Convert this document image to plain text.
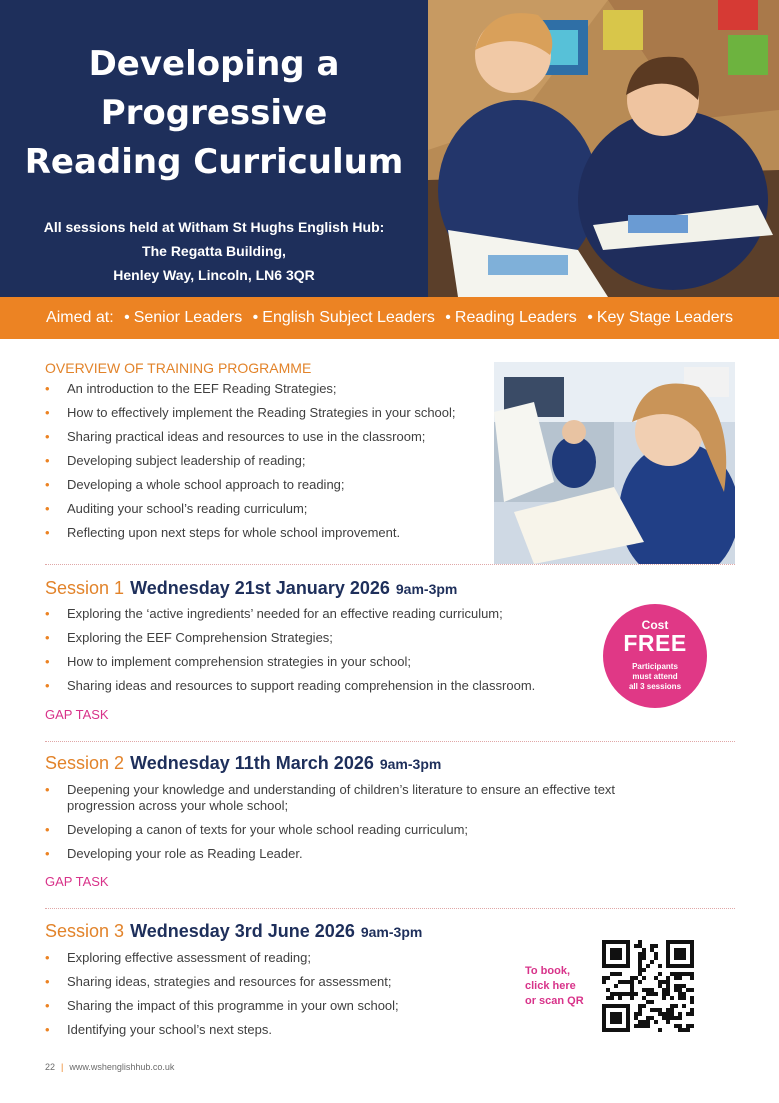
Developing a
Progressive
Reading Curriculum
All sessions held at Witham St Hughs English Hub:
The Regatta Building,
Henley Way, Lincoln, LN6 3QR
Aimed at: • Senior Leaders • English Subject Leaders • Reading Leaders • Key Stage Leaders
OVERVIEW OF TRAINING PROGRAMME
• An introduction to the EEF Reading Strategies;
• How to effectively implement the Reading Strategies in your school;
• Sharing practical ideas and resources to use in the classroom;
• Developing subject leadership of reading;
• Developing a whole school approach to reading;
• Auditing your school’s reading curriculum;
• Reflecting upon next steps for whole school improvement.
Session 1 Wednesday 21st January 2026 9am-3pm
• Exploring the ‘active ingredients’ needed for an effective reading curriculum;
• Exploring the EEF Comprehension Strategies;
• How to implement comprehension strategies in your school;
• Sharing ideas and resources to support reading comprehension in the classroom.
GAP TASK
Cost
FREE
Participants
must attend
all 3 sessions
Session 2 Wednesday 11th March 2026 9am-3pm
• Deepening your knowledge and understanding of children’s literature to ensure an effective text progression across your whole school;
• Developing a canon of texts for your whole school reading curriculum;
• Developing your role as Reading Leader.
GAP TASK
Session 3 Wednesday 3rd June 2026 9am-3pm
• Exploring effective assessment of reading;
• Sharing ideas, strategies and resources for assessment;
• Sharing the impact of this programme in your own school;
• Identifying your school’s next steps.
To book,
click here
or scan QR
22 | www.wshenglishhub.co.uk
